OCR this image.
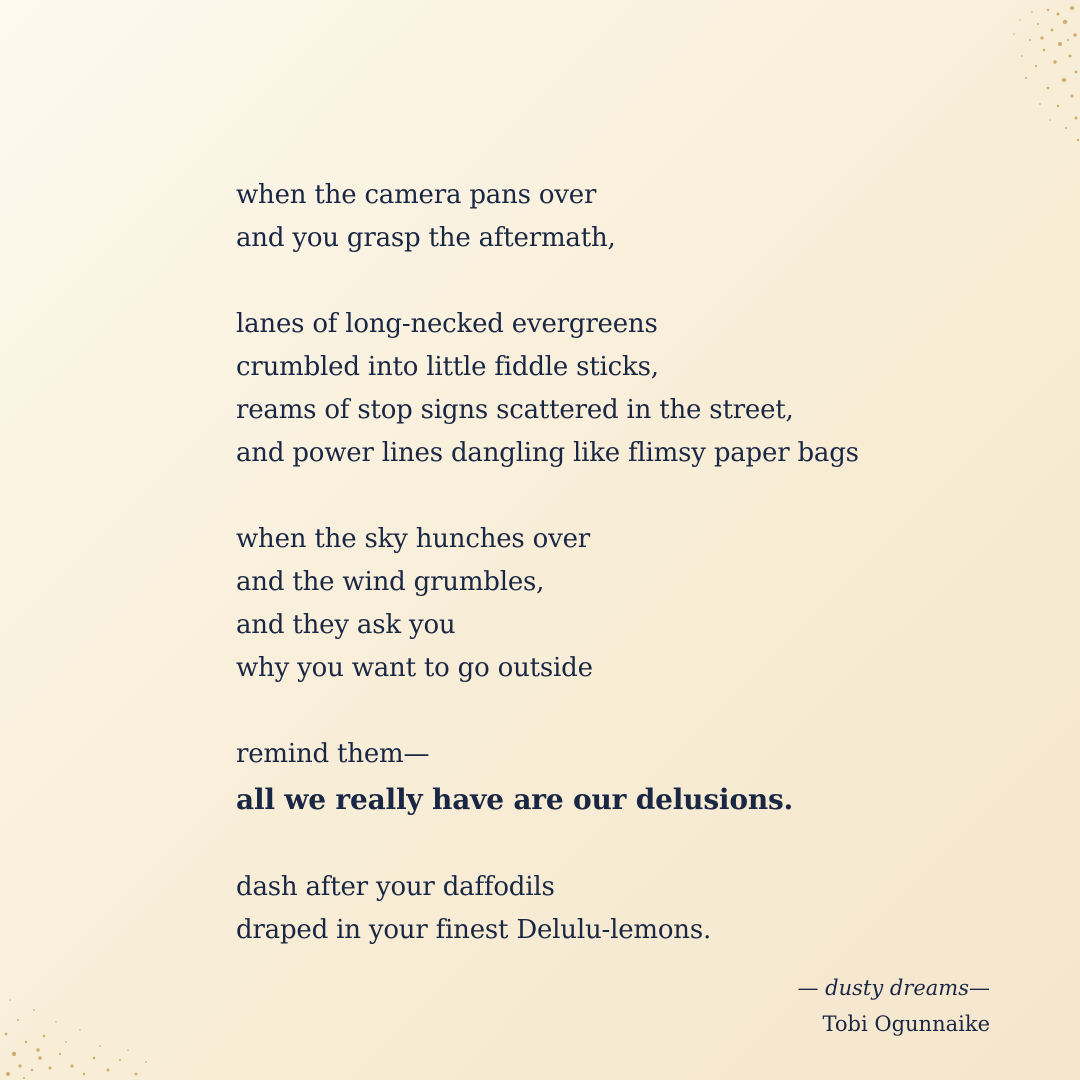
when the camera pans over
and you grasp the aftermath,
lanes of long-necked evergreens
crumbled into little fiddle sticks,
reams of stop signs scattered in the street,
and power lines dangling like flimsy paper bags
when the sky hunches over
and the wind grumbles,
and they ask you
why you want to go outside
remind them—
all we really have are our delusions.
dash after your daffodils
draped in your finest Delulu-lemons.
— dusty dreams—
Tobi Ogunnaike
